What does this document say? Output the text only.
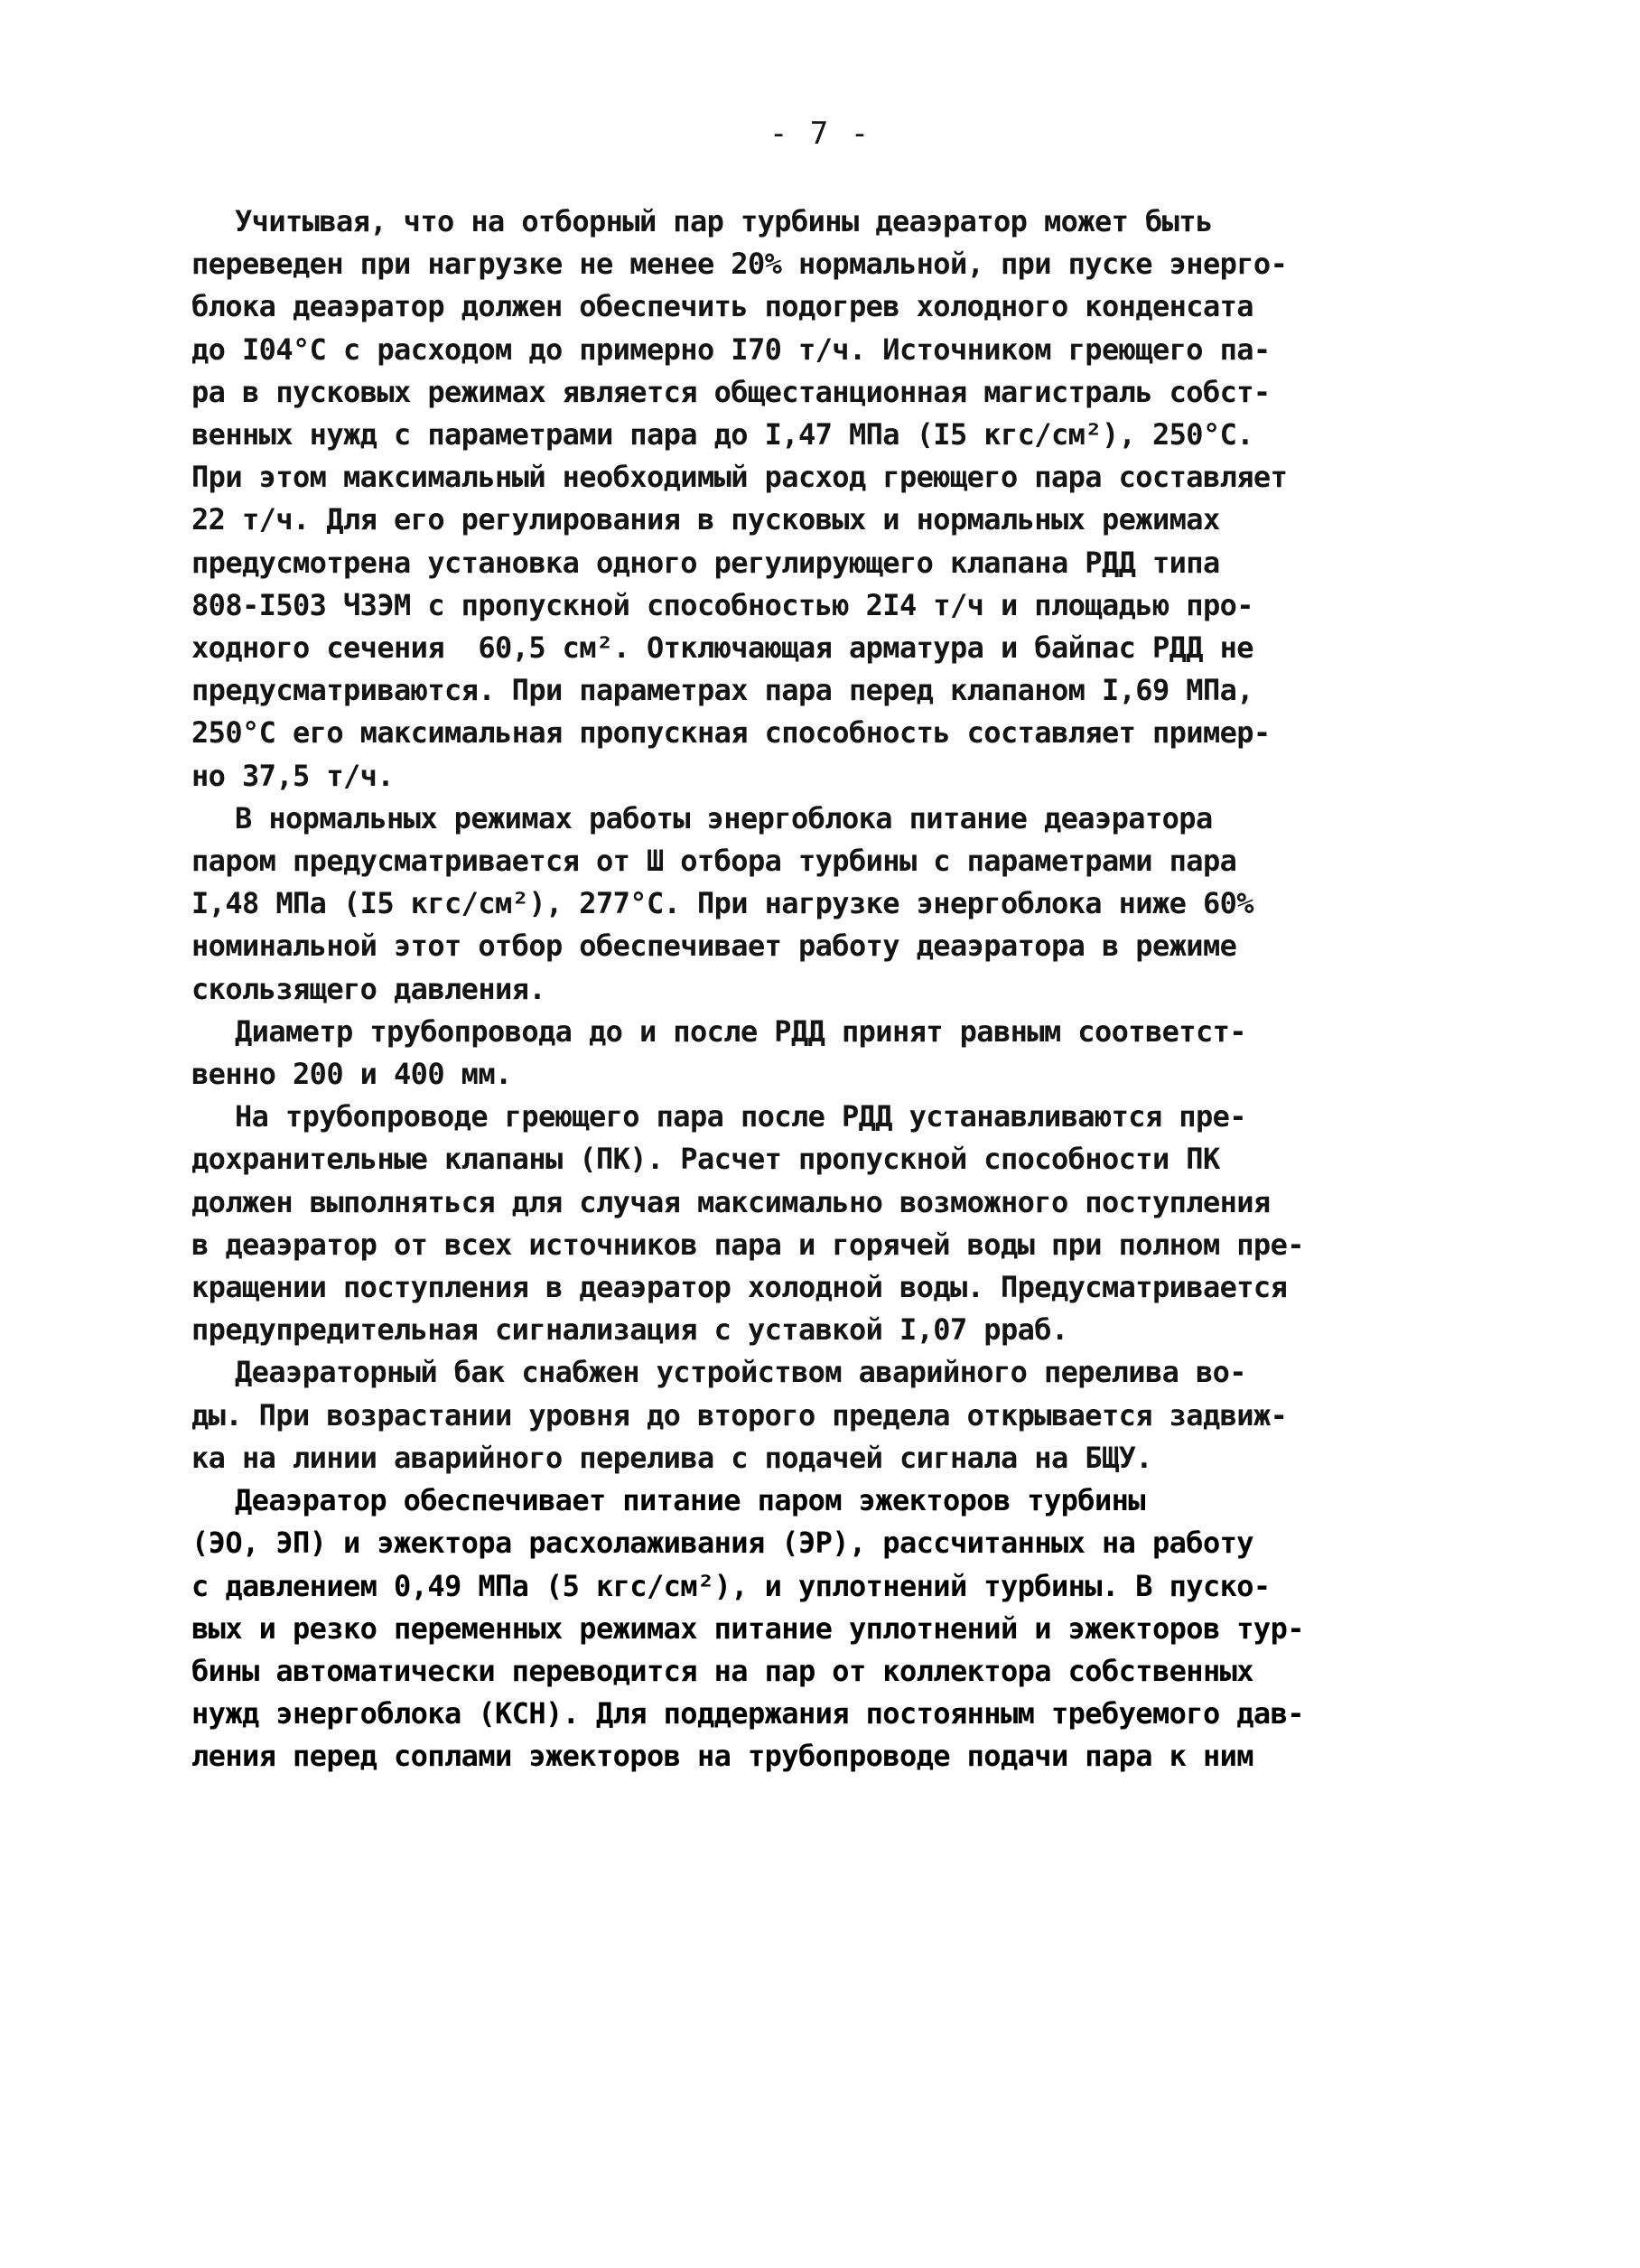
- 7 -
Учитывая, что на отборный пар турбины деаэратор может быть
переведен при нагрузке не менее 20% нормальной, при пуске энерго-
блока деаэратор должен обеспечить подогрев холодного конденсата
до I04°С с расходом до примерно I70 т/ч. Источником греющего па-
ра в пусковых режимах является общестанционная магистраль собст-
венных нужд с параметрами пара до I,47 МПа (I5 кгс/см²), 250°С.
При этом максимальный необходимый расход греющего пара составляет
22 т/ч. Для его регулирования в пусковых и нормальных режимах
предусмотрена установка одного регулирующего клапана РДД типа
808-I503 ЧЗЭМ с пропускной способностью 2I4 т/ч и площадью про-
ходного сечения  60,5 см². Отключающая арматура и байпас РДД не
предусматриваются. При параметрах пара перед клапаном I,69 МПа,
250°С его максимальная пропускная способность составляет пример-
но 37,5 т/ч.
В нормальных режимах работы энергоблока питание деаэратора
паром предусматривается от Ш отбора турбины с параметрами пара
I,48 МПа (I5 кгс/см²), 277°С. При нагрузке энергоблока ниже 60%
номинальной этот отбор обеспечивает работу деаэратора в режиме
скользящего давления.
Диаметр трубопровода до и после РДД принят равным соответст-
венно 200 и 400 мм.
На трубопроводе греющего пара после РДД устанавливаются пре-
дохранительные клапаны (ПК). Расчет пропускной способности ПК
должен выполняться для случая максимально возможного поступления
в деаэратор от всех источников пара и горячей воды при полном пре-
кращении поступления в деаэратор холодной воды. Предусматривается
предупредительная сигнализация с уставкой I,07 pраб.
Деаэраторный бак снабжен устройством аварийного перелива во-
ды. При возрастании уровня до второго предела открывается задвиж-
ка на линии аварийного перелива с подачей сигнала на БЩУ.
Деаэратор обеспечивает питание паром эжекторов турбины
(ЭО, ЭП) и эжектора расхолаживания (ЭР), рассчитанных на работу
с давлением 0,49 МПа (5 кгс/см²), и уплотнений турбины. В пуско-
вых и резко переменных режимах питание уплотнений и эжекторов тур-
бины автоматически переводится на пар от коллектора собственных
нужд энергоблока (КСН). Для поддержания постоянным требуемого дав-
ления перед соплами эжекторов на трубопроводе подачи пара к ним
